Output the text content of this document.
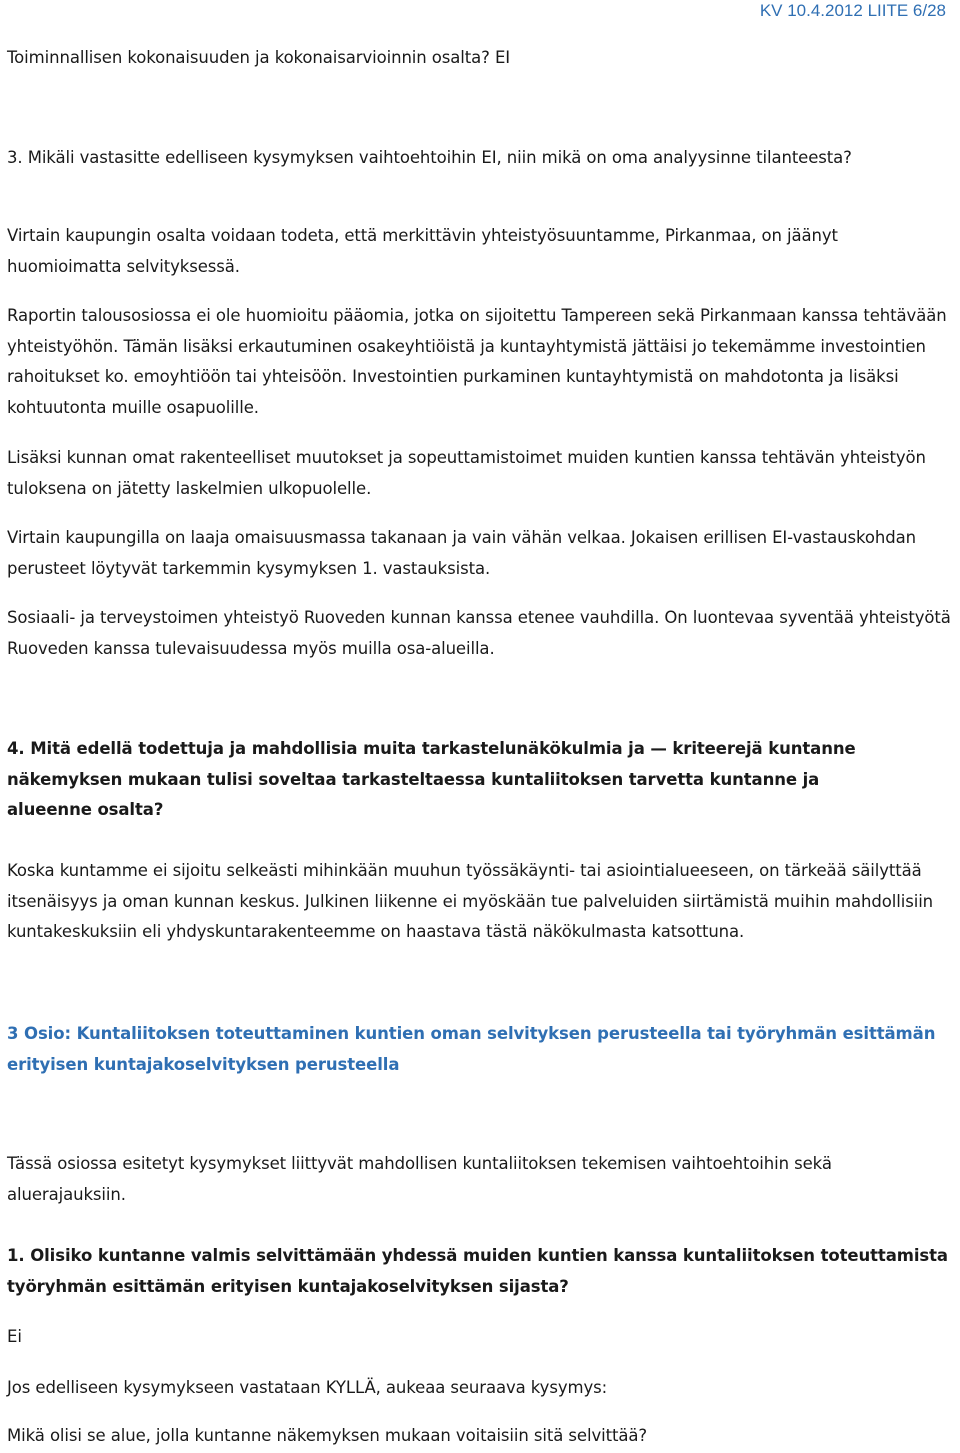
KV 10.4.2012 LIITE 6/28

Toiminnallisen kokonaisuuden ja kokonaisarvioinnin osalta? EI

3. Mikäli vastasitte edelliseen kysymyksen vaihtoehtoihin EI, niin mikä on oma analyysinne tilanteesta?

Virtain kaupungin osalta voidaan todeta, että merkittävin yhteistyösuuntamme, Pirkanmaa, on jäänyt huomioimatta selvityksessä.

Raportin talousosiossa ei ole huomioitu pääomia, jotka on sijoitettu Tampereen sekä Pirkanmaan kanssa tehtävään yhteistyöhön. Tämän lisäksi erkautuminen osakeyhtiöistä ja kuntayhtymistä jättäisi jo tekemämme investointien rahoitukset ko. emoyhtiöön tai yhteisöön. Investointien purkaminen kuntayhtymistä on mahdotonta ja lisäksi kohtuutonta muille osapuolille.

Lisäksi kunnan omat rakenteelliset muutokset ja sopeuttamistoimet muiden kuntien kanssa tehtävän yhteistyön tuloksena on jätetty laskelmien ulkopuolelle.

Virtain kaupungilla on laaja omaisuusmassa takanaan ja vain vähän velkaa. Jokaisen erillisen EI-vastauskohdan perusteet löytyvät tarkemmin kysymyksen 1. vastauksista.

Sosiaali- ja terveystoimen yhteistyö Ruoveden kunnan kanssa etenee vauhdilla. On luontevaa syventää yhteistyötä Ruoveden kanssa tulevaisuudessa myös muilla osa-alueilla.

4. Mitä edellä todettuja ja mahdollisia muita tarkastelunäkökulmia ja — kriteerejä kuntanne näkemyksen mukaan tulisi soveltaa tarkasteltaessa kuntaliitoksen tarvetta kuntanne ja alueenne osalta?

Koska kuntamme ei sijoitu selkeästi mihinkään muuhun työssäkäynti- tai asiointialueeseen, on tärkeää säilyttää itsenäisyys ja oman kunnan keskus. Julkinen liikenne ei myöskään tue palveluiden siirtämistä muihin mahdollisiin kuntakeskuksiin eli yhdyskuntarakenteemme on haastava tästä näkökulmasta katsottuna.

3 Osio: Kuntaliitoksen toteuttaminen kuntien oman selvityksen perusteella tai työryhmän esittämän erityisen kuntajakoselvityksen perusteella

Tässä osiossa esitetyt kysymykset liittyvät mahdollisen kuntaliitoksen tekemisen vaihtoehtoihin sekä aluerajauksiin.

1. Olisiko kuntanne valmis selvittämään yhdessä muiden kuntien kanssa kuntaliitoksen toteuttamista työryhmän esittämän erityisen kuntajakoselvityksen sijasta?

Ei

Jos edelliseen kysymykseen vastataan KYLLÄ, aukeaa seuraava kysymys:

Mikä olisi se alue, jolla kuntanne näkemyksen mukaan voitaisiin sitä selvittää?
